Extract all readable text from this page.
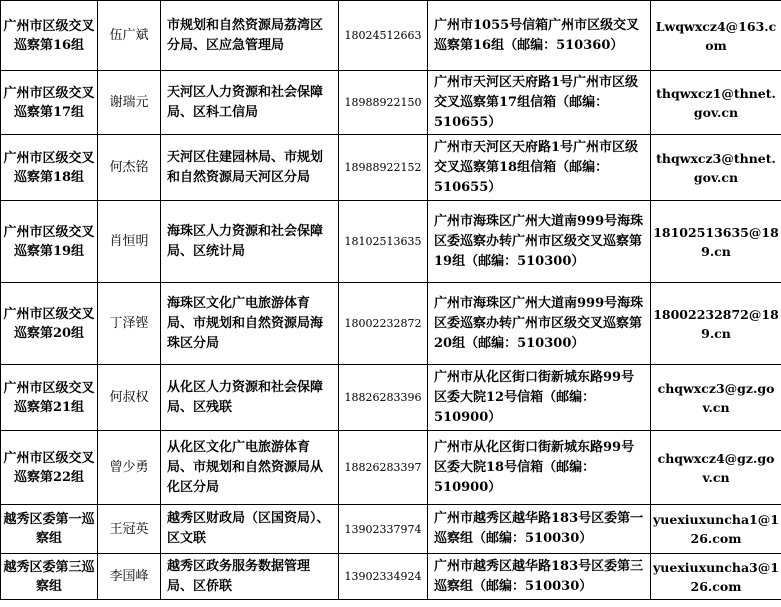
广州市区级交叉巡察第16组	伍广斌	市规划和自然资源局荔湾区分局、区应急管理局	18024512663	广州市1055号信箱广州市区级交叉巡察第16组（邮编：510360）	Lwqwxcz4@163.com
广州市区级交叉巡察第17组	谢瑞元	天河区人力资源和社会保障局、区科工信局	18988922150	广州市天河区天府路1号广州市区级交叉巡察第17组信箱（邮编：510655）	thqwxcz1@thnet.gov.cn
广州市区级交叉巡察第18组	何杰铭	天河区住建园林局、市规划和自然资源局天河区分局	18988922152	广州市天河区天府路1号广州市区级交叉巡察第18组信箱（邮编：510655）	thqwxcz3@thnet.gov.cn
广州市区级交叉巡察第19组	肖恒明	海珠区人力资源和社会保障局、区统计局	18102513635	广州市海珠区广州大道南999号海珠区委巡察办转广州市区级交叉巡察第19组（邮编：510300）	18102513635@189.cn
广州市区级交叉巡察第20组	丁泽铿	海珠区文化广电旅游体育局、市规划和自然资源局海珠区分局	18002232872	广州市海珠区广州大道南999号海珠区委巡察办转广州市区级交叉巡察第20组（邮编：510300）	18002232872@189.cn
广州市区级交叉巡察第21组	何叔权	从化区人力资源和社会保障局、区残联	18826283396	广州市从化区街口街新城东路99号区委大院12号信箱（邮编：510900）	chqwxcz3@gz.gov.cn
广州市区级交叉巡察第22组	曾少勇	从化区文化广电旅游体育局、市规划和自然资源局从化区分局	18826283397	广州市从化区街口街新城东路99号区委大院18号信箱（邮编：510900）	chqwxcz4@gz.gov.cn
越秀区委第一巡察组	王冠英	越秀区财政局（区国资局）、区文联	13902337974	广州市越秀区越华路183号区委第一巡察组（邮编：510030）	yuexiuxuncha1@126.com
越秀区委第三巡察组	李国峰	越秀区政务服务数据管理局、区侨联	13902334924	广州市越秀区越华路183号区委第三巡察组（邮编：510030）	yuexiuxuncha3@126.com
